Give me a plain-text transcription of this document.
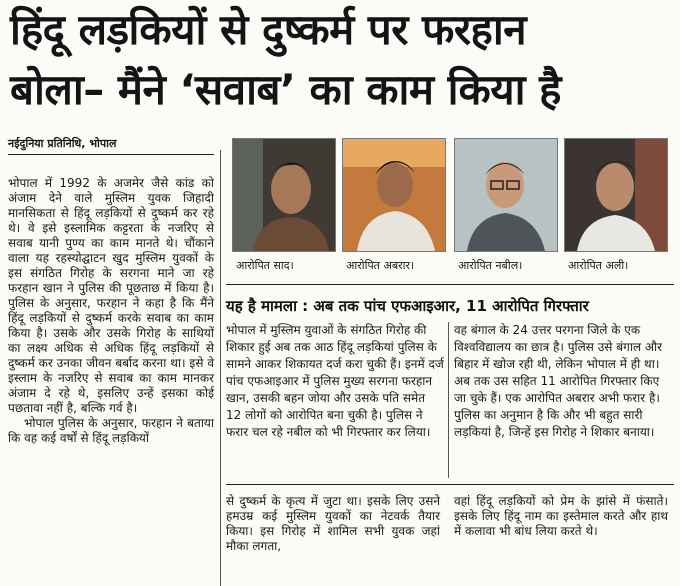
हिंदू लड़कियों से दुष्कर्म पर फरहान
बोला– मैंने ‘सवाब’ का काम किया है
नईदुनिया प्रतिनिधि, भोपाल
भोपाल में 1992 के अजमेर जैसे कांड को अंजाम देने वाले मुस्लिम युवक जिहादी मानसिकता से हिंदू लड़कियों से दुष्कर्म कर रहे थे। वे इसे इस्लामिक कट्टरता के नजरिए से सवाब यानी पुण्य का काम मानते थे। चौंकाने वाला यह रहस्योद्घाटन खुद मुस्लिम युवकों के इस संगठित गिरोह के सरगना माने जा रहे फरहान खान ने पुलिस की पूछताछ में किया है। पुलिस के अनुसार, फरहान ने कहा है कि मैंने हिंदू लड़कियों से दुष्कर्म करके सवाब का काम किया है। उसके और उसके गिरोह के साथियों का लक्ष्य अधिक से अधिक हिंदू लड़कियों से दुष्कर्म कर उनका जीवन बर्बाद करना था। इसे वे इस्लाम के नजरिए से सवाब का काम मानकर अंजाम दे रहे थे, इसलिए उन्हें इसका कोई पछतावा नहीं है, बल्कि गर्व है।
भोपाल पुलिस के अनुसार, फरहान ने बताया कि वह कई वर्षों से हिंदू लड़कियों
आरोपित साद।	आरोपित अबरार।	आरोपित नबील।	आरोपित अली।
यह है मामला : अब तक पांच एफआइआर, 11 आरोपित गिरफ्तार
भोपाल में मुस्लिम युवाओं के संगठित गिरोह की शिकार हुई अब तक आठ हिंदू लड़कियां पुलिस के सामने आकर शिकायत दर्ज करा चुकी हैं। इनमें दर्ज पांच एफआइआर में पुलिस मुख्य सरगना फरहान खान, उसकी बहन जोया और उसके पति समेत 12 लोगों को आरोपित बना चुकी है। पुलिस ने फरार चल रहे नबील को भी गिरफ्तार कर लिया।
वह बंगाल के 24 उत्तर परगना जिले के एक विश्वविद्यालय का छात्र है। पुलिस उसे बंगाल और बिहार में खोज रही थी, लेकिन भोपाल में ही था। अब तक उस सहित 11 आरोपित गिरफ्तार किए जा चुके हैं। एक आरोपित अबरार अभी फरार है। पुलिस का अनुमान है कि और भी बहुत सारी लड़कियां है, जिन्हें इस गिरोह ने शिकार बनाया।
से दुष्कर्म के कृत्य में जुटा था। इसके लिए उसने हमउम्र कई मुस्लिम युवकों का नेटवर्क तैयार किया। इस गिरोह में शामिल सभी युवक जहां मौका लगता,
वहां हिंदू लड़कियों को प्रेम के झांसे में फंसाते। इसके लिए हिंदू नाम का इस्तेमाल करते और हाथ में कलावा भी बांध लिया करते थे।
